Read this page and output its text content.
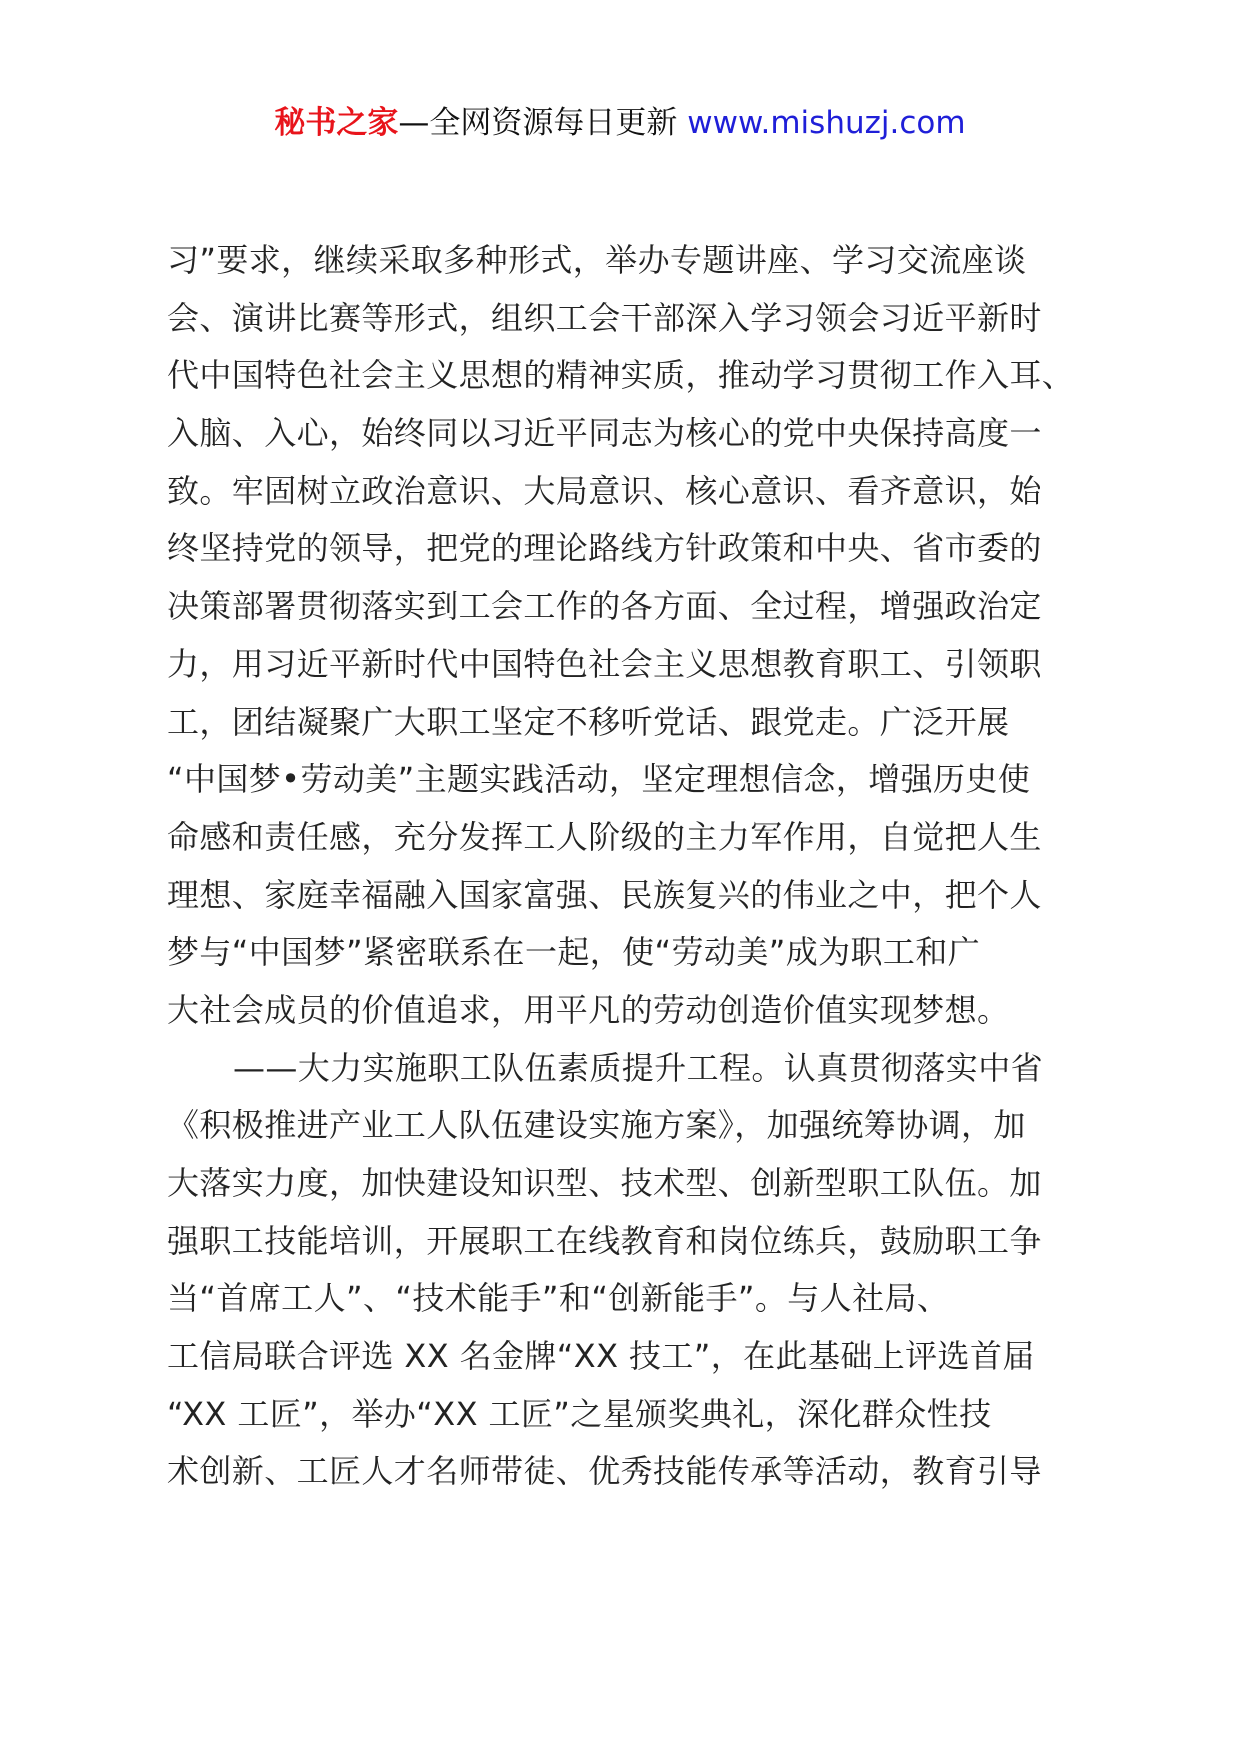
秘书之家—全网资源每日更新 www.mishuzj.com
习”要求，继续采取多种形式，举办专题讲座、学习交流座谈
会、演讲比赛等形式，组织工会干部深入学习领会习近平新时
代中国特色社会主义思想的精神实质，推动学习贯彻工作入耳、
入脑、入心，始终同以习近平同志为核心的党中央保持高度一
致。牢固树立政治意识、大局意识、核心意识、看齐意识，始
终坚持党的领导，把党的理论路线方针政策和中央、省市委的
决策部署贯彻落实到工会工作的各方面、全过程，增强政治定
力，用习近平新时代中国特色社会主义思想教育职工、引领职
工，团结凝聚广大职工坚定不移听党话、跟党走。广泛开展
“中国梦•劳动美”主题实践活动，坚定理想信念，增强历史使
命感和责任感，充分发挥工人阶级的主力军作用，自觉把人生
理想、家庭幸福融入国家富强、民族复兴的伟业之中，把个人
梦与“中国梦”紧密联系在一起，使“劳动美”成为职工和广
大社会成员的价值追求，用平凡的劳动创造价值实现梦想。
——大力实施职工队伍素质提升工程。认真贯彻落实中省
《积极推进产业工人队伍建设实施方案》，加强统筹协调，加
大落实力度，加快建设知识型、技术型、创新型职工队伍。加
强职工技能培训，开展职工在线教育和岗位练兵，鼓励职工争
当“首席工人”、“技术能手”和“创新能手”。与人社局、
工信局联合评选 XX 名金牌“XX 技工”，在此基础上评选首届
“XX 工匠”，举办“XX 工匠”之星颁奖典礼，深化群众性技
术创新、工匠人才名师带徒、优秀技能传承等活动，教育引导
